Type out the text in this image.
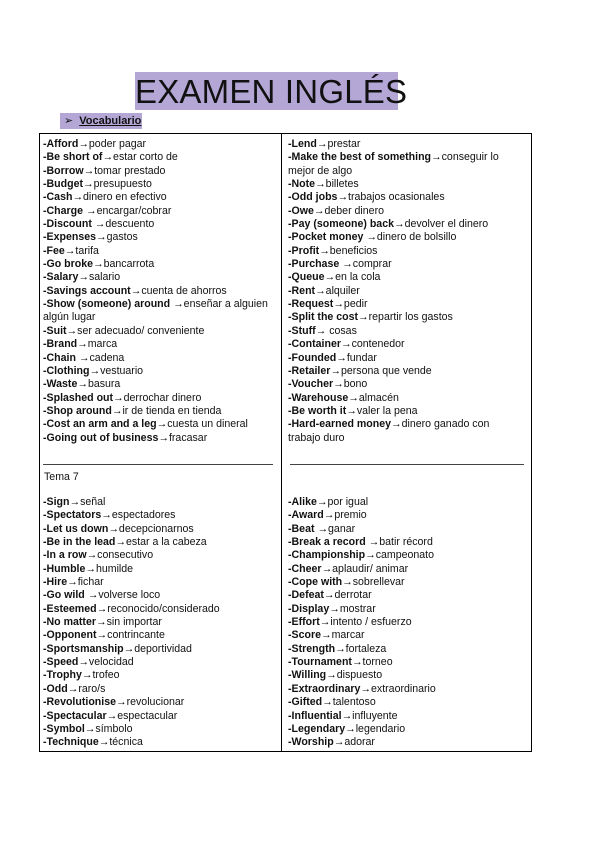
EXAMEN INGLÉS
➢ Vocabulario
-Afford→poder pagar
-Be short of→estar corto de
-Borrow→tomar prestado
-Budget→presupuesto
-Cash→dinero en efectivo
-Charge →encargar/cobrar
-Discount →descuento
-Expenses→gastos
-Fee→tarifa
-Go broke→bancarrota
-Salary→salario
-Savings account→cuenta de ahorros
-Show (someone) around →enseñar a alguien algún lugar
-Suit→ser adecuado/ conveniente
-Brand→marca
-Chain →cadena
-Clothing→vestuario
-Waste→basura
-Splashed out→derrochar dinero
-Shop around→ir de tienda en tienda
-Cost an arm and a leg→cuesta un dineral
-Going out of business→fracasar
-Lend→prestar
-Make the best of something→conseguir lo mejor de algo
-Note→billetes
-Odd jobs→trabajos ocasionales
-Owe→deber dinero
-Pay (someone) back→devolver el dinero
-Pocket money →dinero de bolsillo
-Profit→beneficios
-Purchase →comprar
-Queue→en la cola
-Rent→alquiler
-Request→pedir
-Split the cost→repartir los gastos
-Stuff→ cosas
-Container→contenedor
-Founded→fundar
-Retailer→persona que vende
-Voucher→bono
-Warehouse→almacén
-Be worth it→valer la pena
-Hard-earned money→dinero ganado con trabajo duro
Tema 7
-Sign→señal
-Spectators→espectadores
-Let us down→decepcionarnos
-Be in the lead→estar a la cabeza
-In a row→consecutivo
-Humble→humilde
-Hire→fichar
-Go wild →volverse loco
-Esteemed→reconocido/considerado
-No matter→sin importar
-Opponent→contrincante
-Sportsmanship→deportividad
-Speed→velocidad
-Trophy→trofeo
-Odd→raro/s
-Revolutionise→revolucionar
-Spectacular→espectacular
-Symbol→símbolo
-Technique→técnica
-Alike→por igual
-Award→premio
-Beat →ganar
-Break a record →batir récord
-Championship→campeonato
-Cheer→aplaudir/ animar
-Cope with→sobrellevar
-Defeat→derrotar
-Display→mostrar
-Effort→intento / esfuerzo
-Score→marcar
-Strength→fortaleza
-Tournament→torneo
-Willing→dispuesto
-Extraordinary→extraordinario
-Gifted→talentoso
-Influential→influyente
-Legendary→legendario
-Worship→adorar
